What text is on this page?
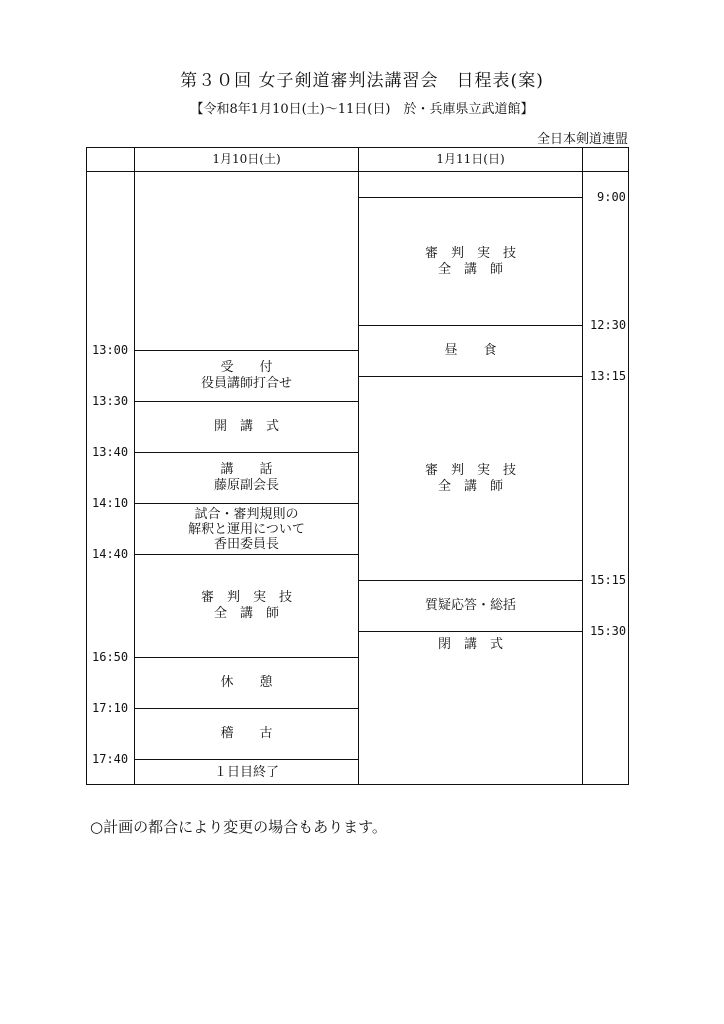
第３０回 女子剣道審判法講習会　日程表(案)
【令和8年1月10日(土)～11日(日)　於・兵庫県立武道館】
全日本剣道連盟
1月10日(土)	1月11日(日)
13:00
13:30
13:40
14:10
14:40
16:50
17:10
17:40
9:00
12:30
13:15
15:15
15:30
受　　付
役員講師打合せ
開　講　式
講　　話
藤原副会長
試合・審判規則の
解釈と運用について
香田委員長
審　判　実　技
全　講　師
休　　憩
稽　　古
１日目終了
審　判　実　技
全　講　師
昼　　食
審　判　実　技
全　講　師
質疑応答・総括
閉　講　式
○計画の都合により変更の場合もあります。
